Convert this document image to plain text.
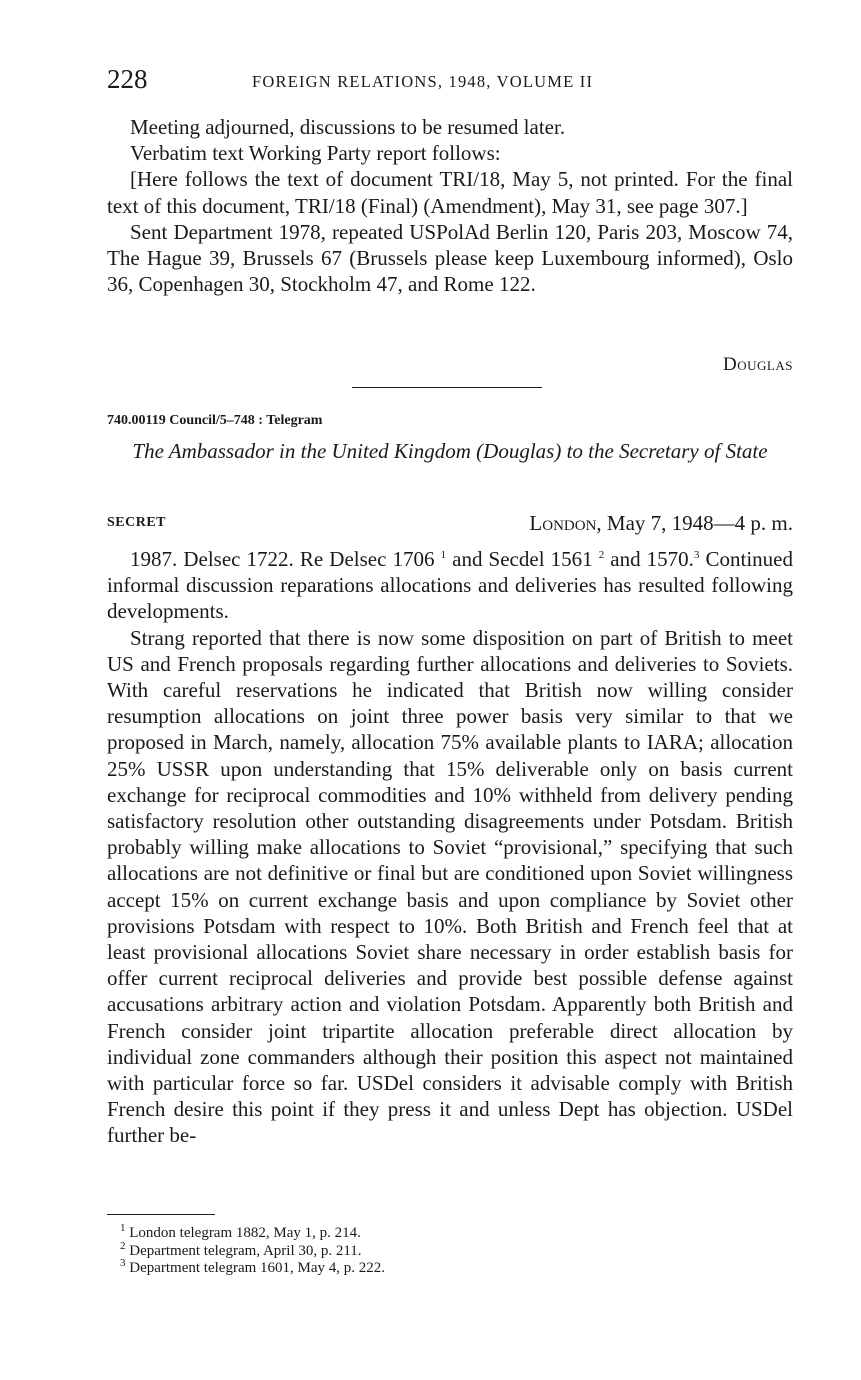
228	FOREIGN RELATIONS, 1948, VOLUME II

Meeting adjourned, discussions to be resumed later.

Verbatim text Working Party report follows:

[Here follows the text of document TRI/18, May 5, not printed. For the final text of this document, TRI/18 (Final) (Amendment), May 31, see page 307.]

Sent Department 1978, repeated USPolAd Berlin 120, Paris 203, Moscow 74, The Hague 39, Brussels 67 (Brussels please keep Luxembourg informed), Oslo 36, Copenhagen 30, Stockholm 47, and Rome 122.

Douglas
740.00119 Council/5–748 : Telegram
The Ambassador in the United Kingdom (Douglas) to the Secretary of State
SECRET	London, May 7, 1948—4 p. m.

1987. Delsec 1722. Re Delsec 1706 $^1$ and Secdel 1561 $^2$ and 1570.$^3$ Continued informal discussion reparations allocations and deliveries has resulted following developments.

Strang reported that there is now some disposition on part of British to meet US and French proposals regarding further allocations and deliveries to Soviets. With careful reservations he indicated that British now willing consider resumption allocations on joint three power basis very similar to that we proposed in March, namely, allocation 75% available plants to IARA; allocation 25% USSR upon understanding that 15% deliverable only on basis current exchange for reciprocal commodities and 10% withheld from delivery pending satisfactory resolution other outstanding disagreements under Potsdam. British probably willing make allocations to Soviet “provisional,” specifying that such allocations are not definitive or final but are conditioned upon Soviet willingness accept 15% on current exchange basis and upon compliance by Soviet other provisions Potsdam with respect to 10%. Both British and French feel that at least provisional allocations Soviet share necessary in order establish basis for offer current reciprocal deliveries and provide best possible defense against accusations arbitrary action and violation Potsdam. Apparently both British and French consider joint tripartite allocation preferable direct allocation by individual zone commanders although their position this aspect not maintained with particular force so far. USDel considers it advisable comply with British French desire this point if they press it and unless Dept has objection. USDel further be-

$^1$ London telegram 1882, May 1, p. 214.
$^2$ Department telegram, April 30, p. 211.
$^3$ Department telegram 1601, May 4, p. 222.
